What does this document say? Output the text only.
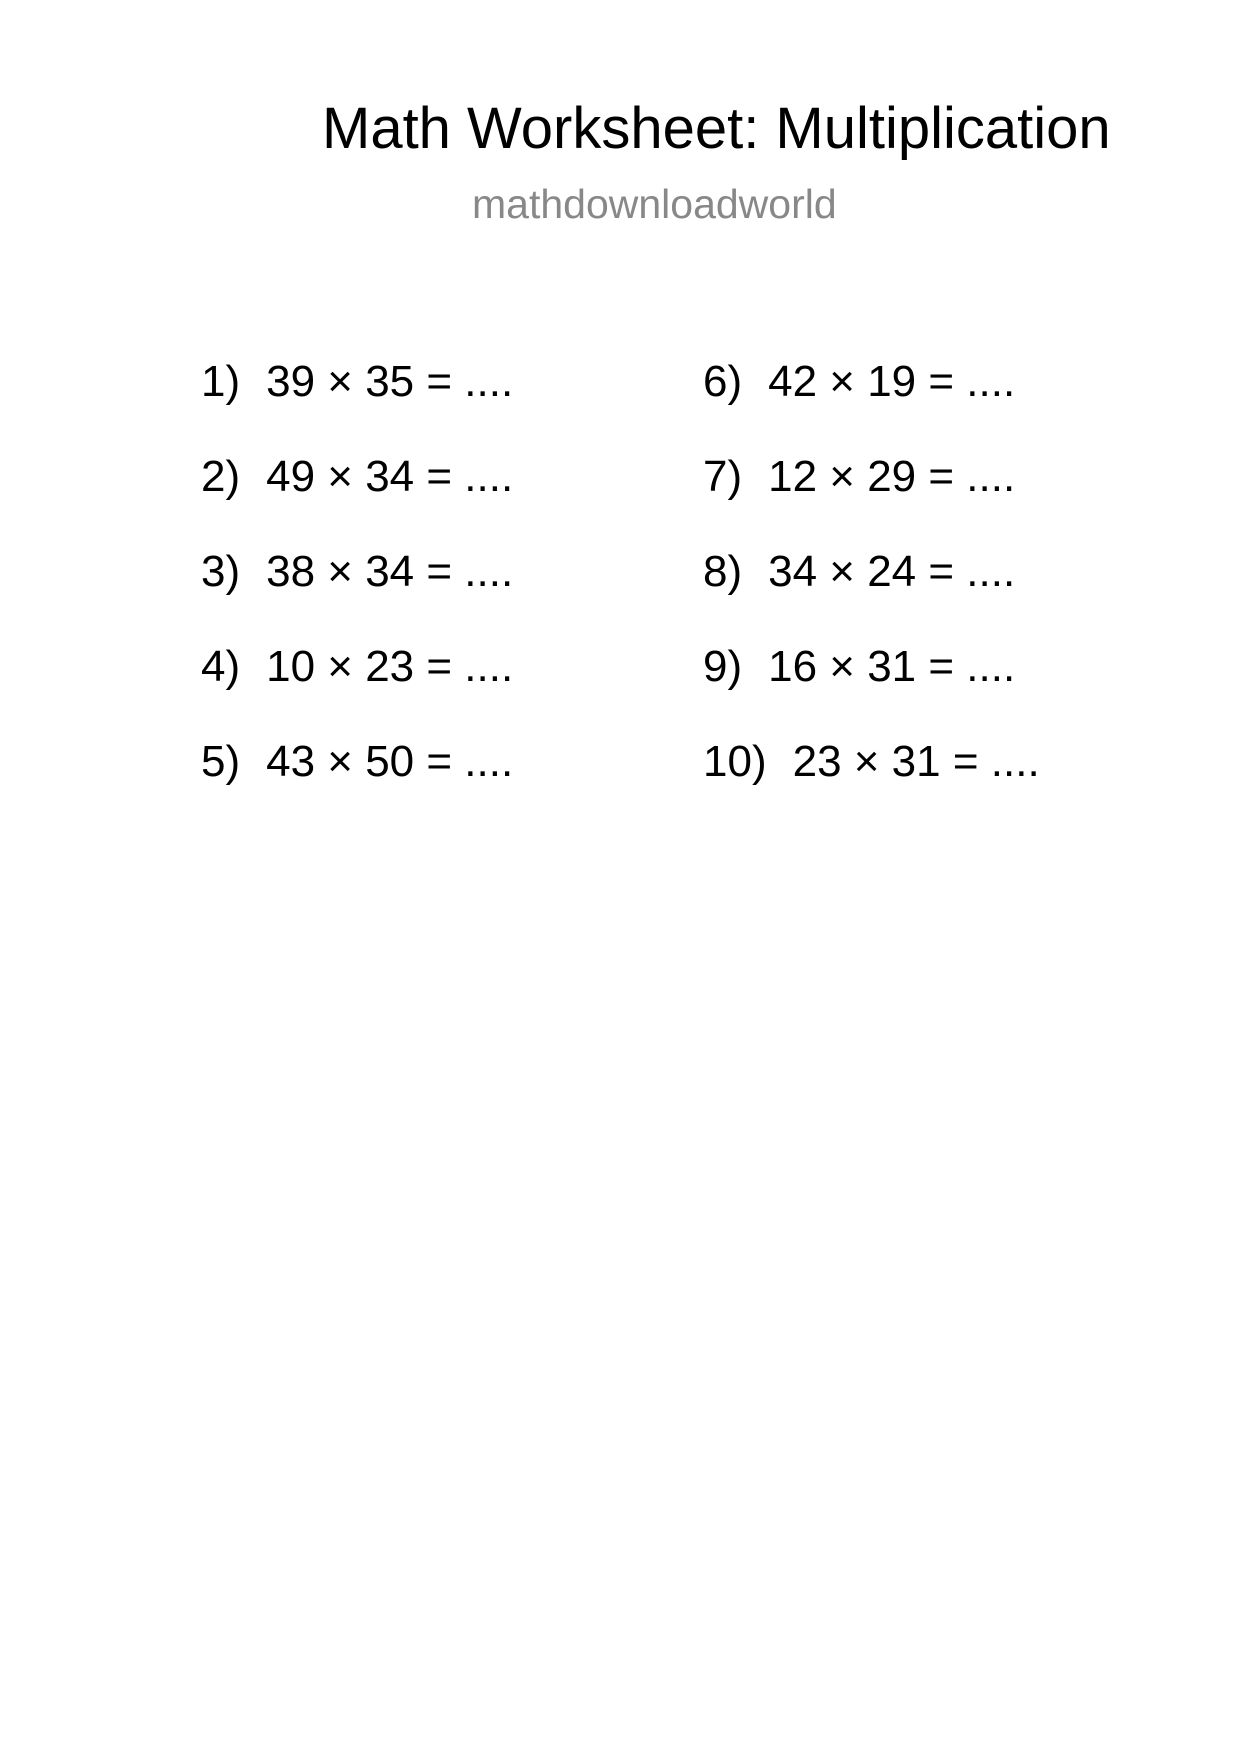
Math Worksheet: Multiplication
mathdownloadworld
1) 39 × 35 = ....
2) 49 × 34 = ....
3) 38 × 34 = ....
4) 10 × 23 = ....
5) 43 × 50 = ....
6) 42 × 19 = ....
7) 12 × 29 = ....
8) 34 × 24 = ....
9) 16 × 31 = ....
10) 23 × 31 = ....
